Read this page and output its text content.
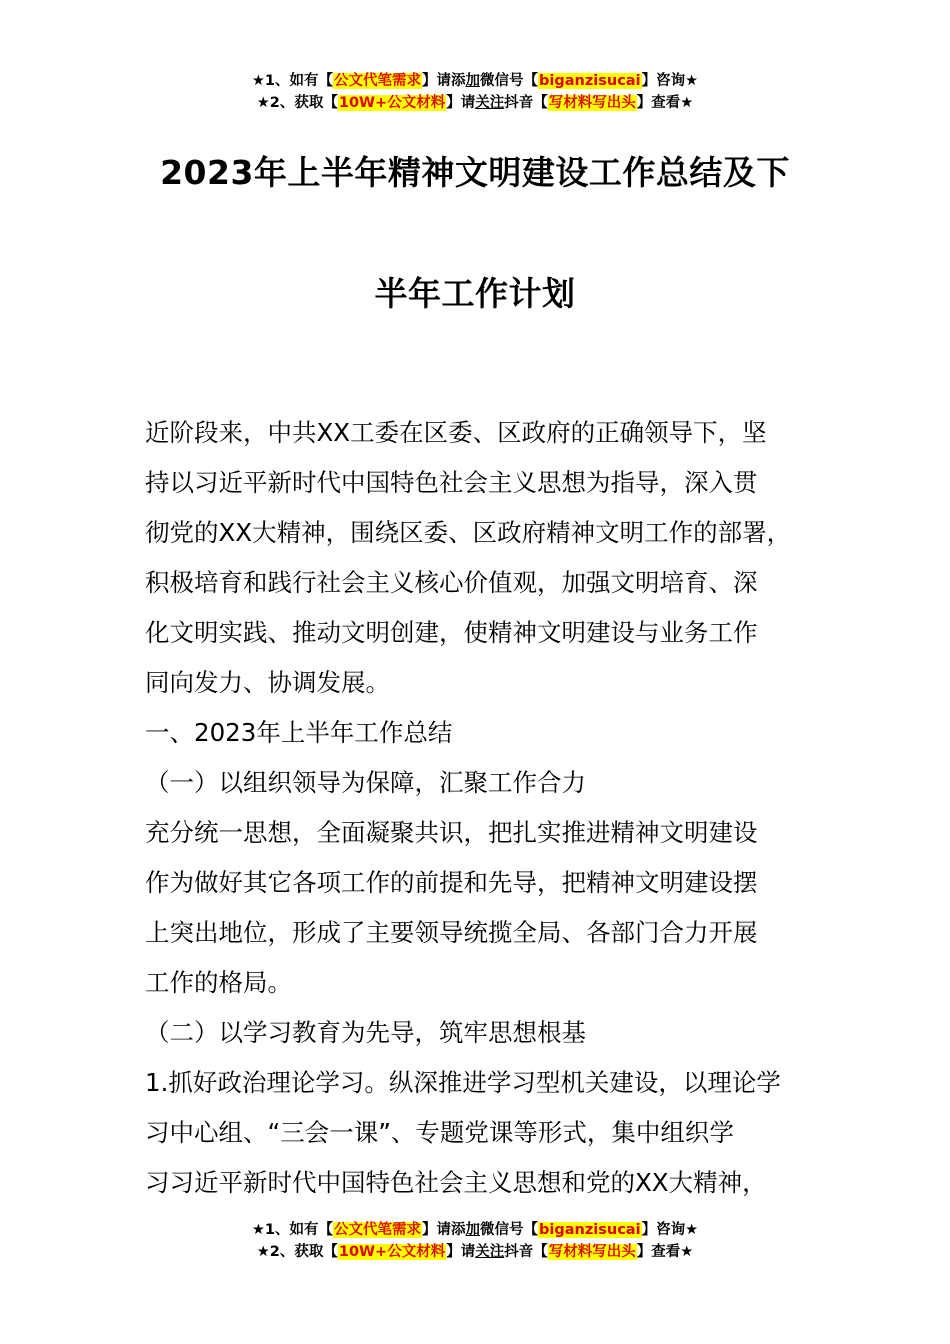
★1、如有【公文代笔需求】请添加微信号【biganzisucai】咨询★
★2、获取【10W+公文材料】请关注抖音【写材料写出头】查看★
2023年上半年精神文明建设工作总结及下
半年工作计划
近阶段来，中共XX工委在区委、区政府的正确领导下，坚
持以习近平新时代中国特色社会主义思想为指导，深入贯
彻党的XX大精神，围绕区委、区政府精神文明工作的部署，
积极培育和践行社会主义核心价值观，加强文明培育、深
化文明实践、推动文明创建，使精神文明建设与业务工作
同向发力、协调发展。
一、2023年上半年工作总结
（一）以组织领导为保障，汇聚工作合力
充分统一思想，全面凝聚共识，把扎实推进精神文明建设
作为做好其它各项工作的前提和先导，把精神文明建设摆
上突出地位，形成了主要领导统揽全局、各部门合力开展
工作的格局。
（二）以学习教育为先导，筑牢思想根基
1.抓好政治理论学习。纵深推进学习型机关建设，以理论学
习中心组、“三会一课”、专题党课等形式，集中组织学
习习近平新时代中国特色社会主义思想和党的XX大精神，
★1、如有【公文代笔需求】请添加微信号【biganzisucai】咨询★
★2、获取【10W+公文材料】请关注抖音【写材料写出头】查看★
